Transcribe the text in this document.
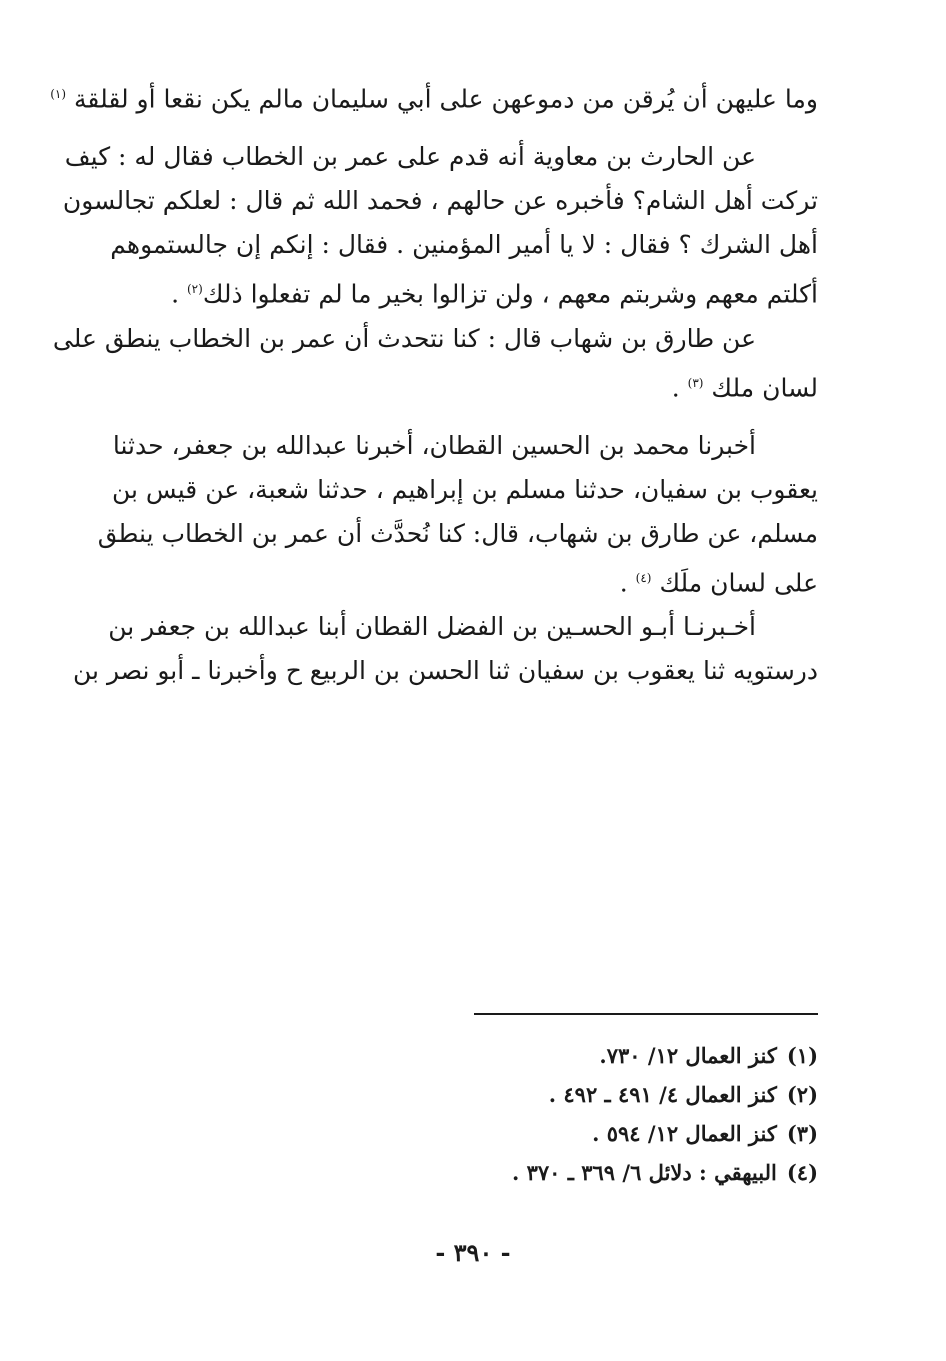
وما عليهن أن يُرقن من دموعهن على أبي سليمان مالم يكن نقعا أو لقلقة $^{(١)}$
عن الحارث بن معاوية أنه قدم على عمر بن الخطاب فقال له : كيف
تركت أهل الشام؟ فأخبره عن حالهم ، فحمد الله ثم قال : لعلكم تجالسون
أهل الشرك ؟ فقال : لا يا أمير المؤمنين . فقال : إنكم إن جالستموهم
أكلتم معهم وشربتم معهم ، ولن تزالوا بخير ما لم تفعلوا ذلك$^{(٢)}$ .
عن طارق بن شهاب قال : كنا نتحدث أن عمر بن الخطاب ينطق على
لسان ملك $^{(٣)}$ .
أخبرنا محمد بن الحسين القطان، أخبرنا عبدالله بن جعفر، حدثنا
يعقوب بن سفيان، حدثنا مسلم بن إبراهيم ، حدثنا شعبة، عن قيس بن
مسلم، عن طارق بن شهاب، قال: كنا نُحدَّث أن عمر بن الخطاب ينطق
على لسان ملَك $^{(٤)}$ .
أخـبرنـا أبـو الحسـين بن الفضل القطان أبنا عبدالله بن جعفر بن
درستويه ثنا يعقوب بن سفيان ثنا الحسن بن الربيع ح وأخبرنا ـ أبو نصر بن
(١)كنز العمال ١٢/ ٧٣٠.
(٢)كنز العمال ٤/ ٤٩١ ـ ٤٩٢ .
(٣)كنز العمال ١٢/ ٥٩٤ .
(٤)البيهقي : دلائل ٦/ ٣٦٩ ـ ٣٧٠ .
- ٣٩٠ -
